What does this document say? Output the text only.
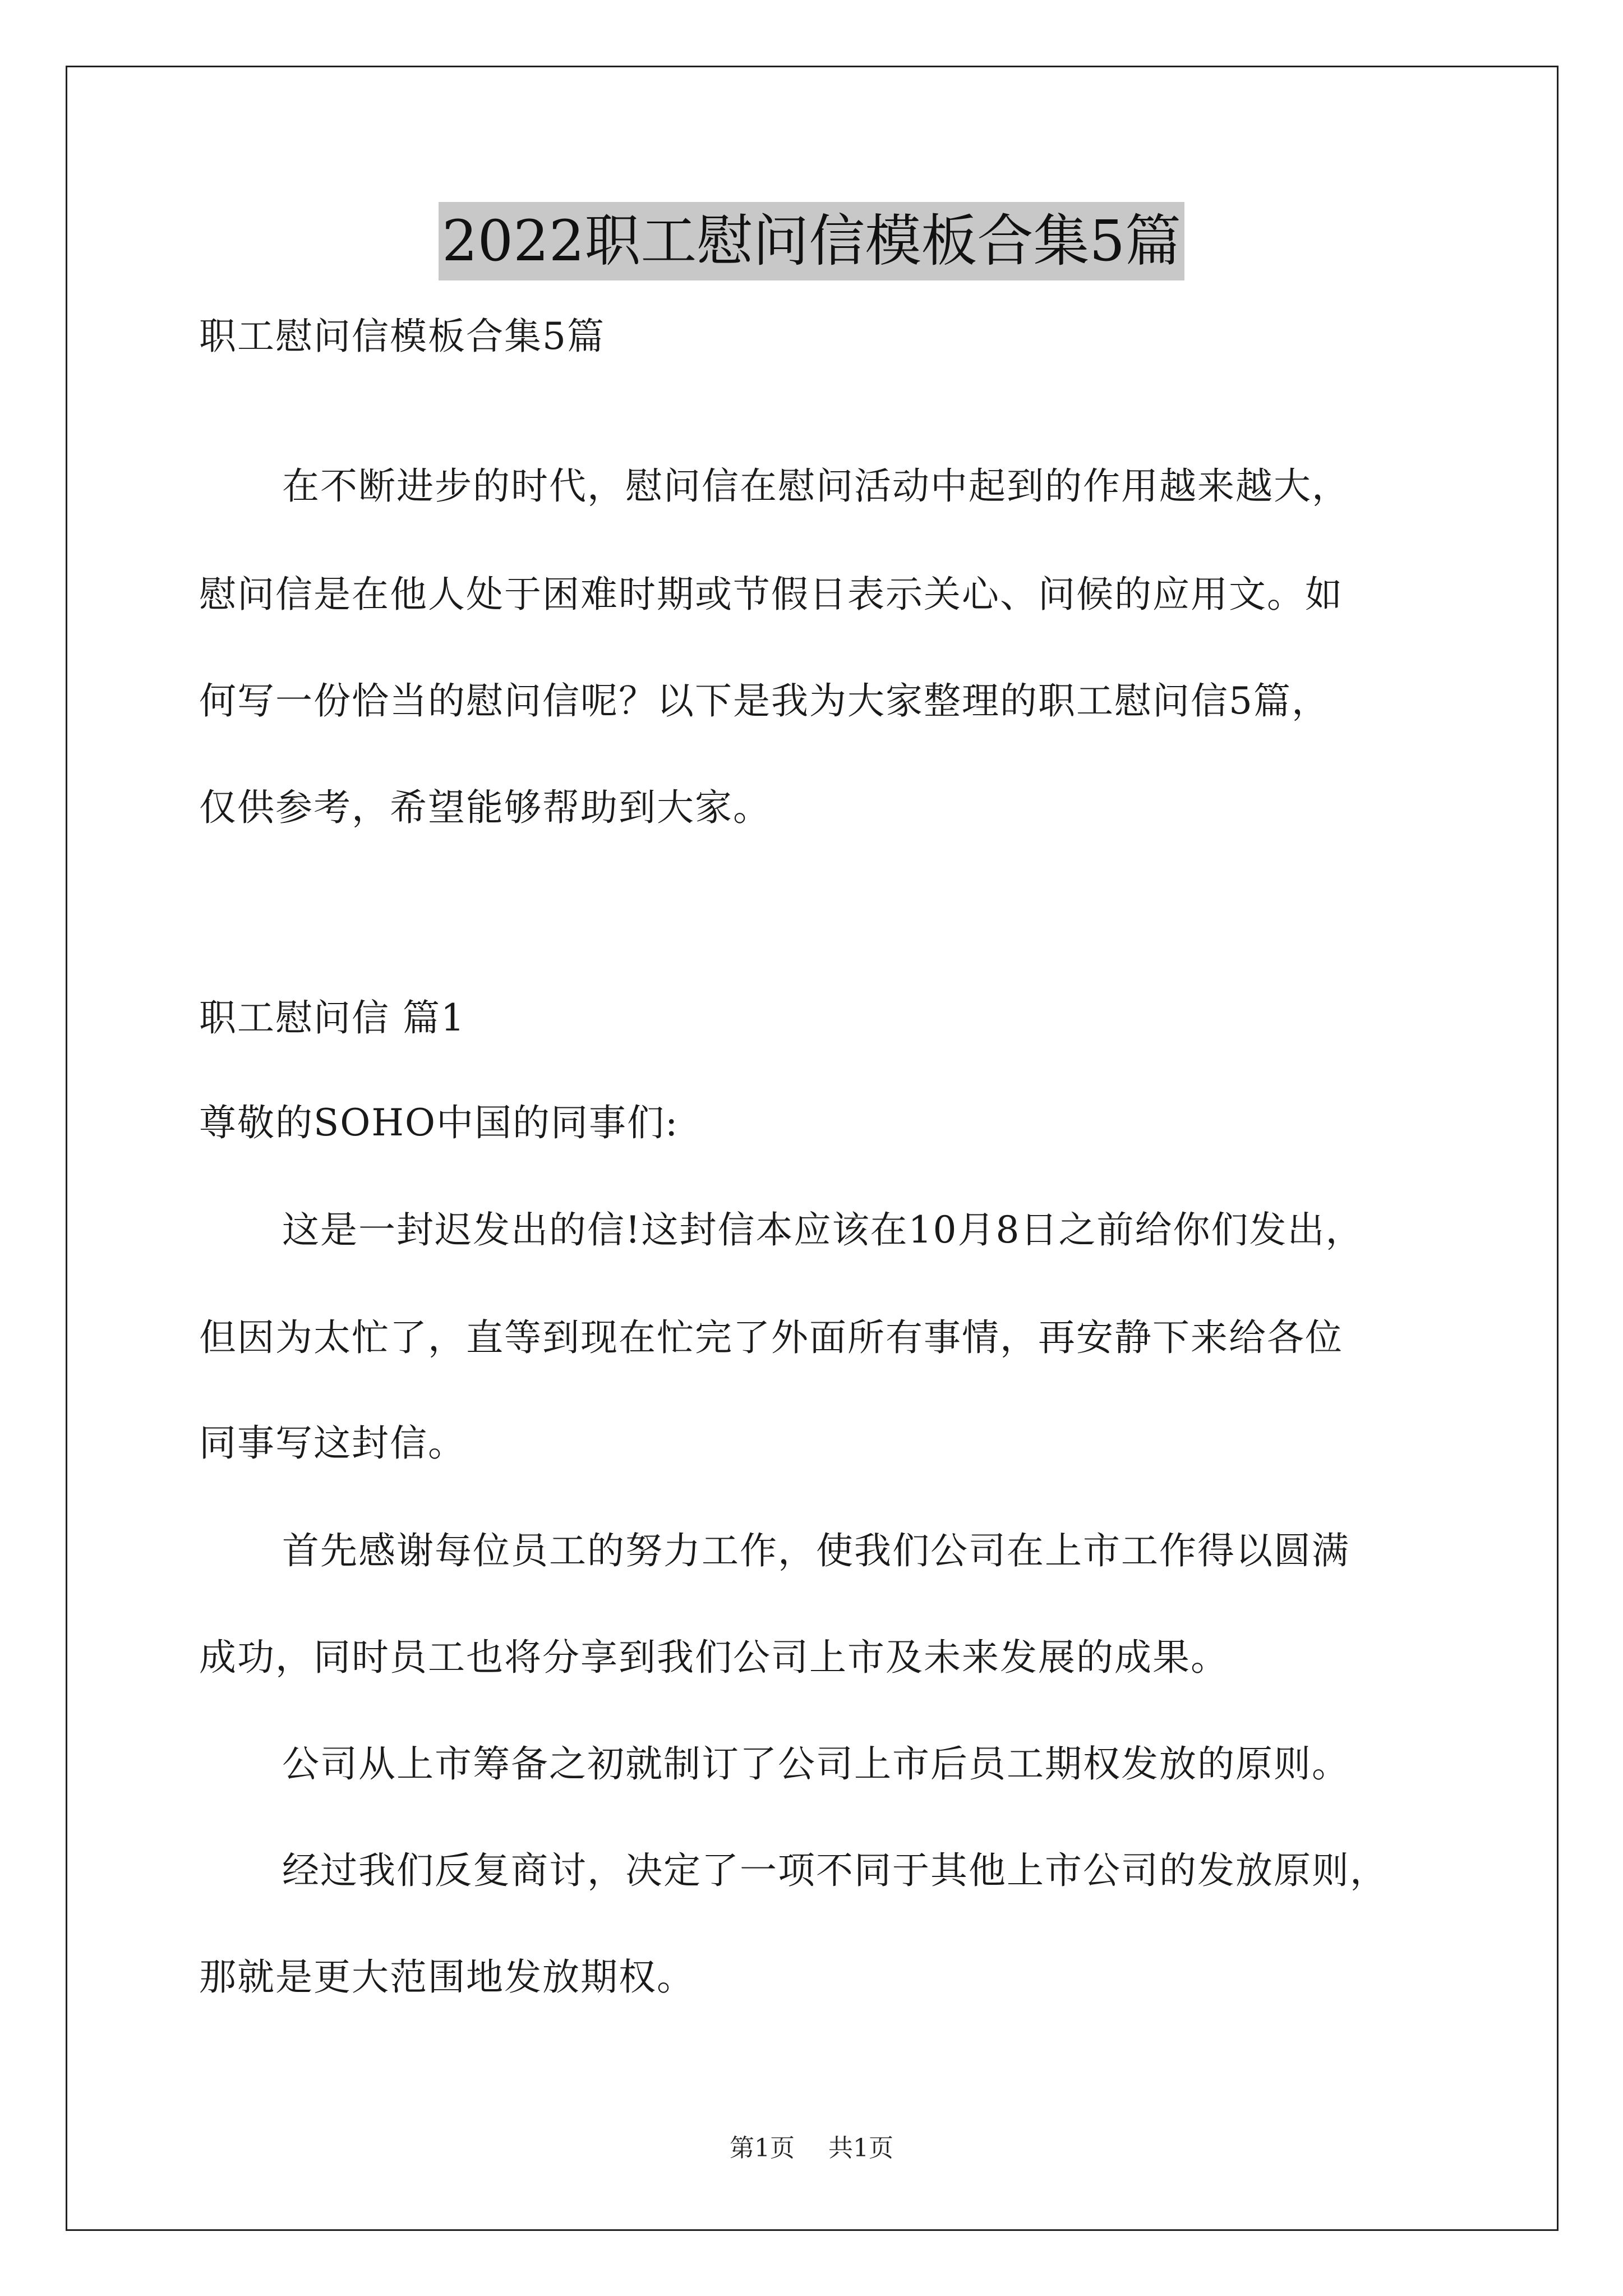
2022职工慰问信模板合集5篇
职工慰问信模板合集5篇
在不断进步的时代，慰问信在慰问活动中起到的作用越来越大，
慰问信是在他人处于困难时期或节假日表示关心、问候的应用文。如
何写一份恰当的慰问信呢？以下是我为大家整理的职工慰问信5篇，
仅供参考，希望能够帮助到大家。
职工慰问信 篇1
尊敬的SOHO中国的同事们:
这是一封迟发出的信!这封信本应该在10月8日之前给你们发出，
但因为太忙了，直等到现在忙完了外面所有事情，再安静下来给各位
同事写这封信。
首先感谢每位员工的努力工作，使我们公司在上市工作得以圆满
成功，同时员工也将分享到我们公司上市及未来发展的成果。
公司从上市筹备之初就制订了公司上市后员工期权发放的原则。
经过我们反复商讨，决定了一项不同于其他上市公司的发放原则，
那就是更大范围地发放期权。
第1页 共1页
